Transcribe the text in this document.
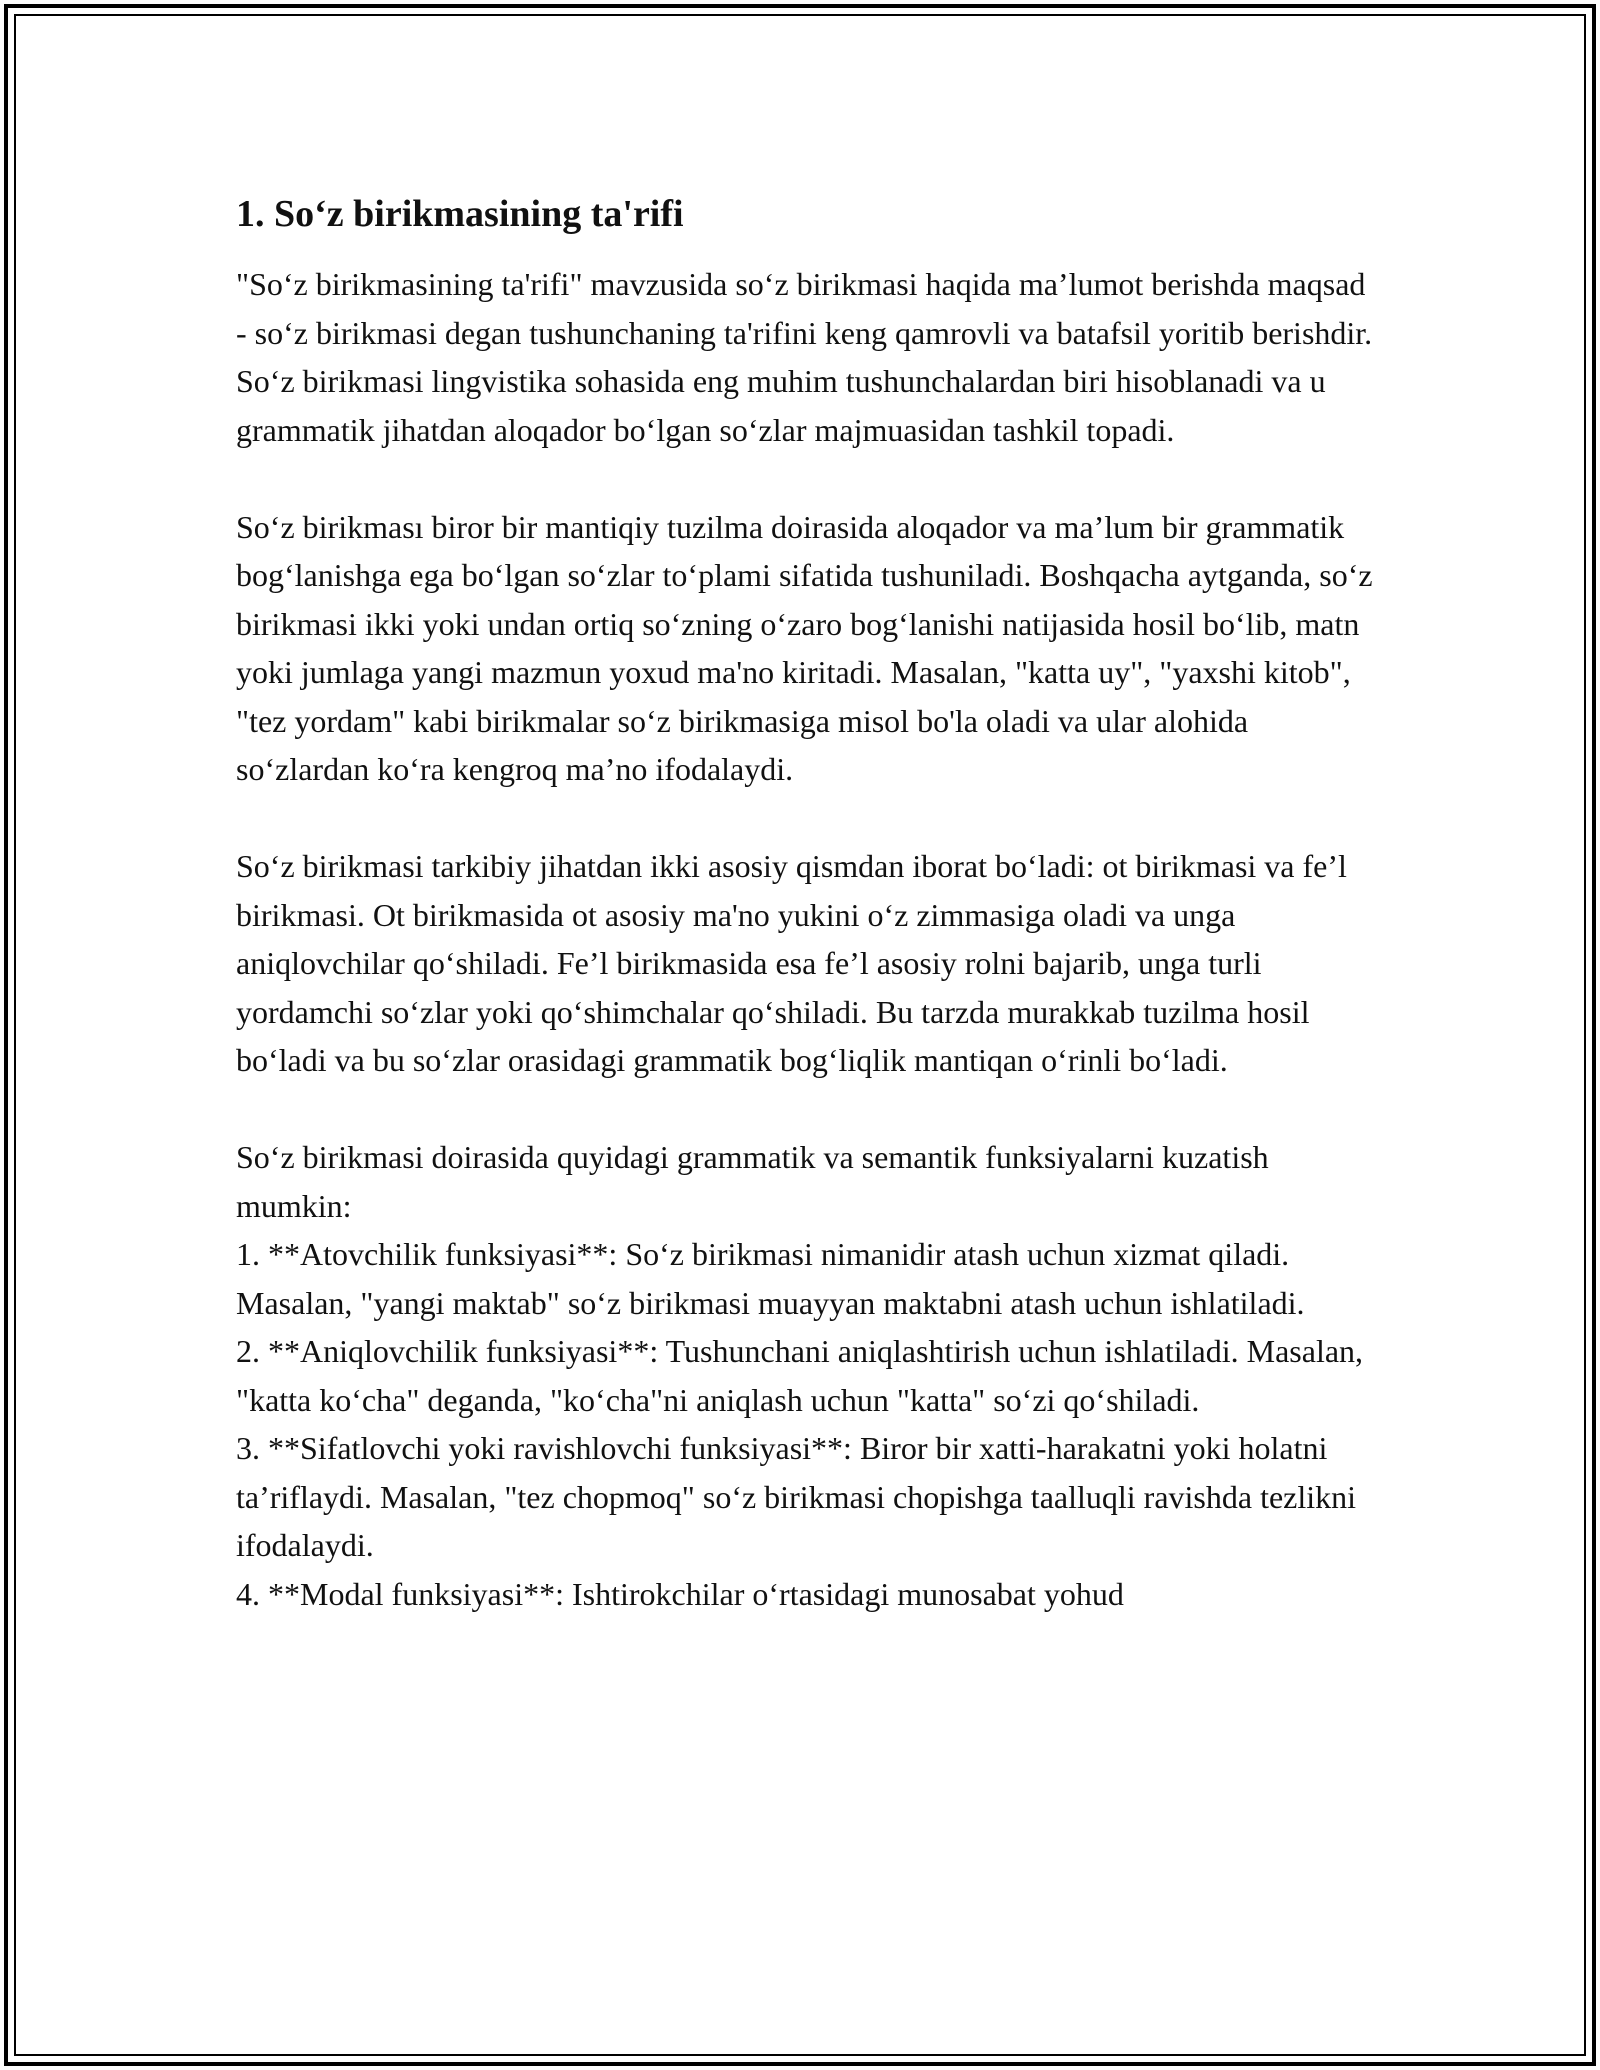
1. So‘z birikmasining ta'rifi

"So‘z birikmasining ta'rifi" mavzusida so‘z birikmasi haqida ma’lumot berishda maqsad - so‘z birikmasi degan tushunchaning ta'rifini keng qamrovli va batafsil yoritib berishdir. So‘z birikmasi lingvistika sohasida eng muhim tushunchalardan biri hisoblanadi va u grammatik jihatdan aloqador bo‘lgan so‘zlar majmuasidan tashkil topadi.

So‘z birikması biror bir mantiqiy tuzilma doirasida aloqador va ma’lum bir grammatik bog‘lanishga ega bo‘lgan so‘zlar to‘plami sifatida tushuniladi. Boshqacha aytganda, so‘z birikmasi ikki yoki undan ortiq so‘zning o‘zaro bog‘lanishi natijasida hosil bo‘lib, matn yoki jumlaga yangi mazmun yoxud ma'no kiritadi. Masalan, "katta uy", "yaxshi kitob", "tez yordam" kabi birikmalar so‘z birikmasiga misol bo'la oladi va ular alohida so‘zlardan ko‘ra kengroq ma’no ifodalaydi.

So‘z birikmasi tarkibiy jihatdan ikki asosiy qismdan iborat bo‘ladi: ot birikmasi va fe’l birikmasi. Ot birikmasida ot asosiy ma'no yukini o‘z zimmasiga oladi va unga aniqlovchilar qo‘shiladi. Fe’l birikmasida esa fe’l asosiy rolni bajarib, unga turli yordamchi so‘zlar yoki qo‘shimchalar qo‘shiladi. Bu tarzda murakkab tuzilma hosil bo‘ladi va bu so‘zlar orasidagi grammatik bog‘liqlik mantiqan o‘rinli bo‘ladi.

So‘z birikmasi doirasida quyidagi grammatik va semantik funksiyalarni kuzatish mumkin:

1. **Atovchilik funksiyasi**: So‘z birikmasi nimanidir atash uchun xizmat qiladi. Masalan, "yangi maktab" so‘z birikmasi muayyan maktabni atash uchun ishlatiladi.

2. **Aniqlovchilik funksiyasi**: Tushunchani aniqlashtirish uchun ishlatiladi. Masalan, "katta ko‘cha" deganda, "ko‘cha"ni aniqlash uchun "katta" so‘zi qo‘shiladi.

3. **Sifatlovchi yoki ravishlovchi funksiyasi**: Biror bir xatti-harakatni yoki holatni ta’riflaydi. Masalan, "tez chopmoq" so‘z birikmasi chopishga taalluqli ravishda tezlikni ifodalaydi.

4. **Modal funksiyasi**: Ishtirokchilar o‘rtasidagi munosabat yohud
